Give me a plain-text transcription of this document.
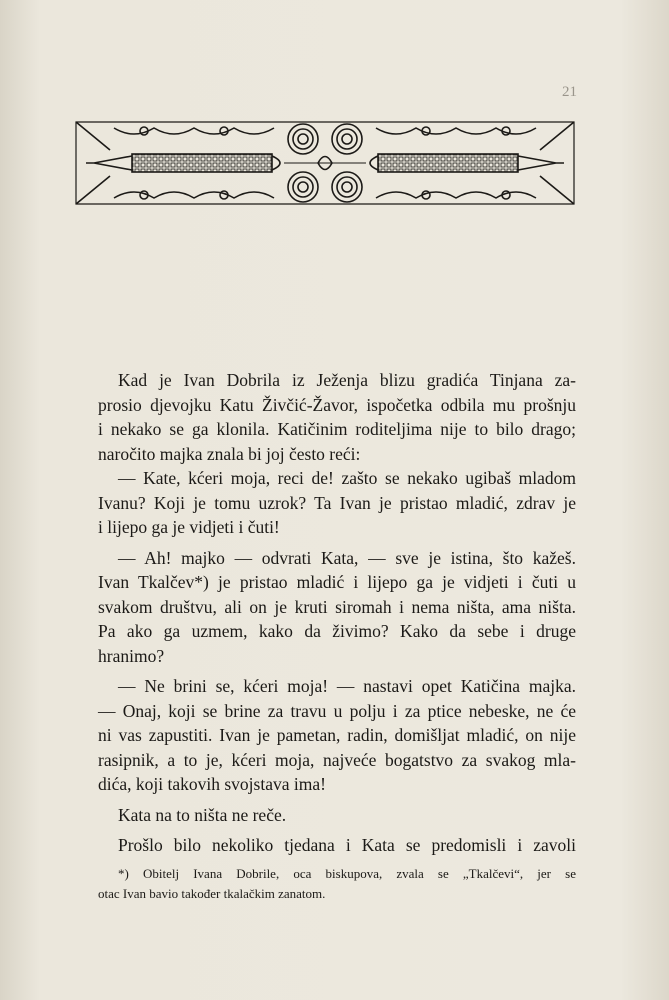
21
Kad je Ivan Dobrila iz Ježenja blizu gradića Tinjana za-
prosio djevojku Katu Živčić-Žavor, ispočetka odbila mu prošnju
i nekako se ga klonila. Katičinim roditeljima nije to bilo drago;
naročito majka znala bi joj često reći:
— Kate, kćeri moja, reci de! zašto se nekako ugibaš mladom
Ivanu? Koji je tomu uzrok? Ta Ivan je pristao mladić, zdrav je
i lijepo ga je vidjeti i čuti!
— Ah! majko — odvrati Kata, — sve je istina, što kažeš.
Ivan Tkalčev*) je pristao mladić i lijepo ga je vidjeti i čuti u
svakom društvu, ali on je kruti siromah i nema ništa, ama ništa.
Pa ako ga uzmem, kako da živimo? Kako da sebe i druge
hranimo?
— Ne brini se, kćeri moja! — nastavi opet Katičina majka.
— Onaj, koji se brine za travu u polju i za ptice nebeske, ne će
ni vas zapustiti. Ivan je pametan, radin, domišljat mladić, on nije
rasipnik, a to je, kćeri moja, najveće bogatstvo za svakog mla-
dića, koji takovih svojstava ima!
Kata na to ništa ne reče.
Prošlo bilo nekoliko tjedana i Kata se predomisli i zavoli
*) Obitelj Ivana Dobrile, oca biskupova, zvala se „Tkalčevi“, jer se
otac Ivan bavio također tkalačkim zanatom.
